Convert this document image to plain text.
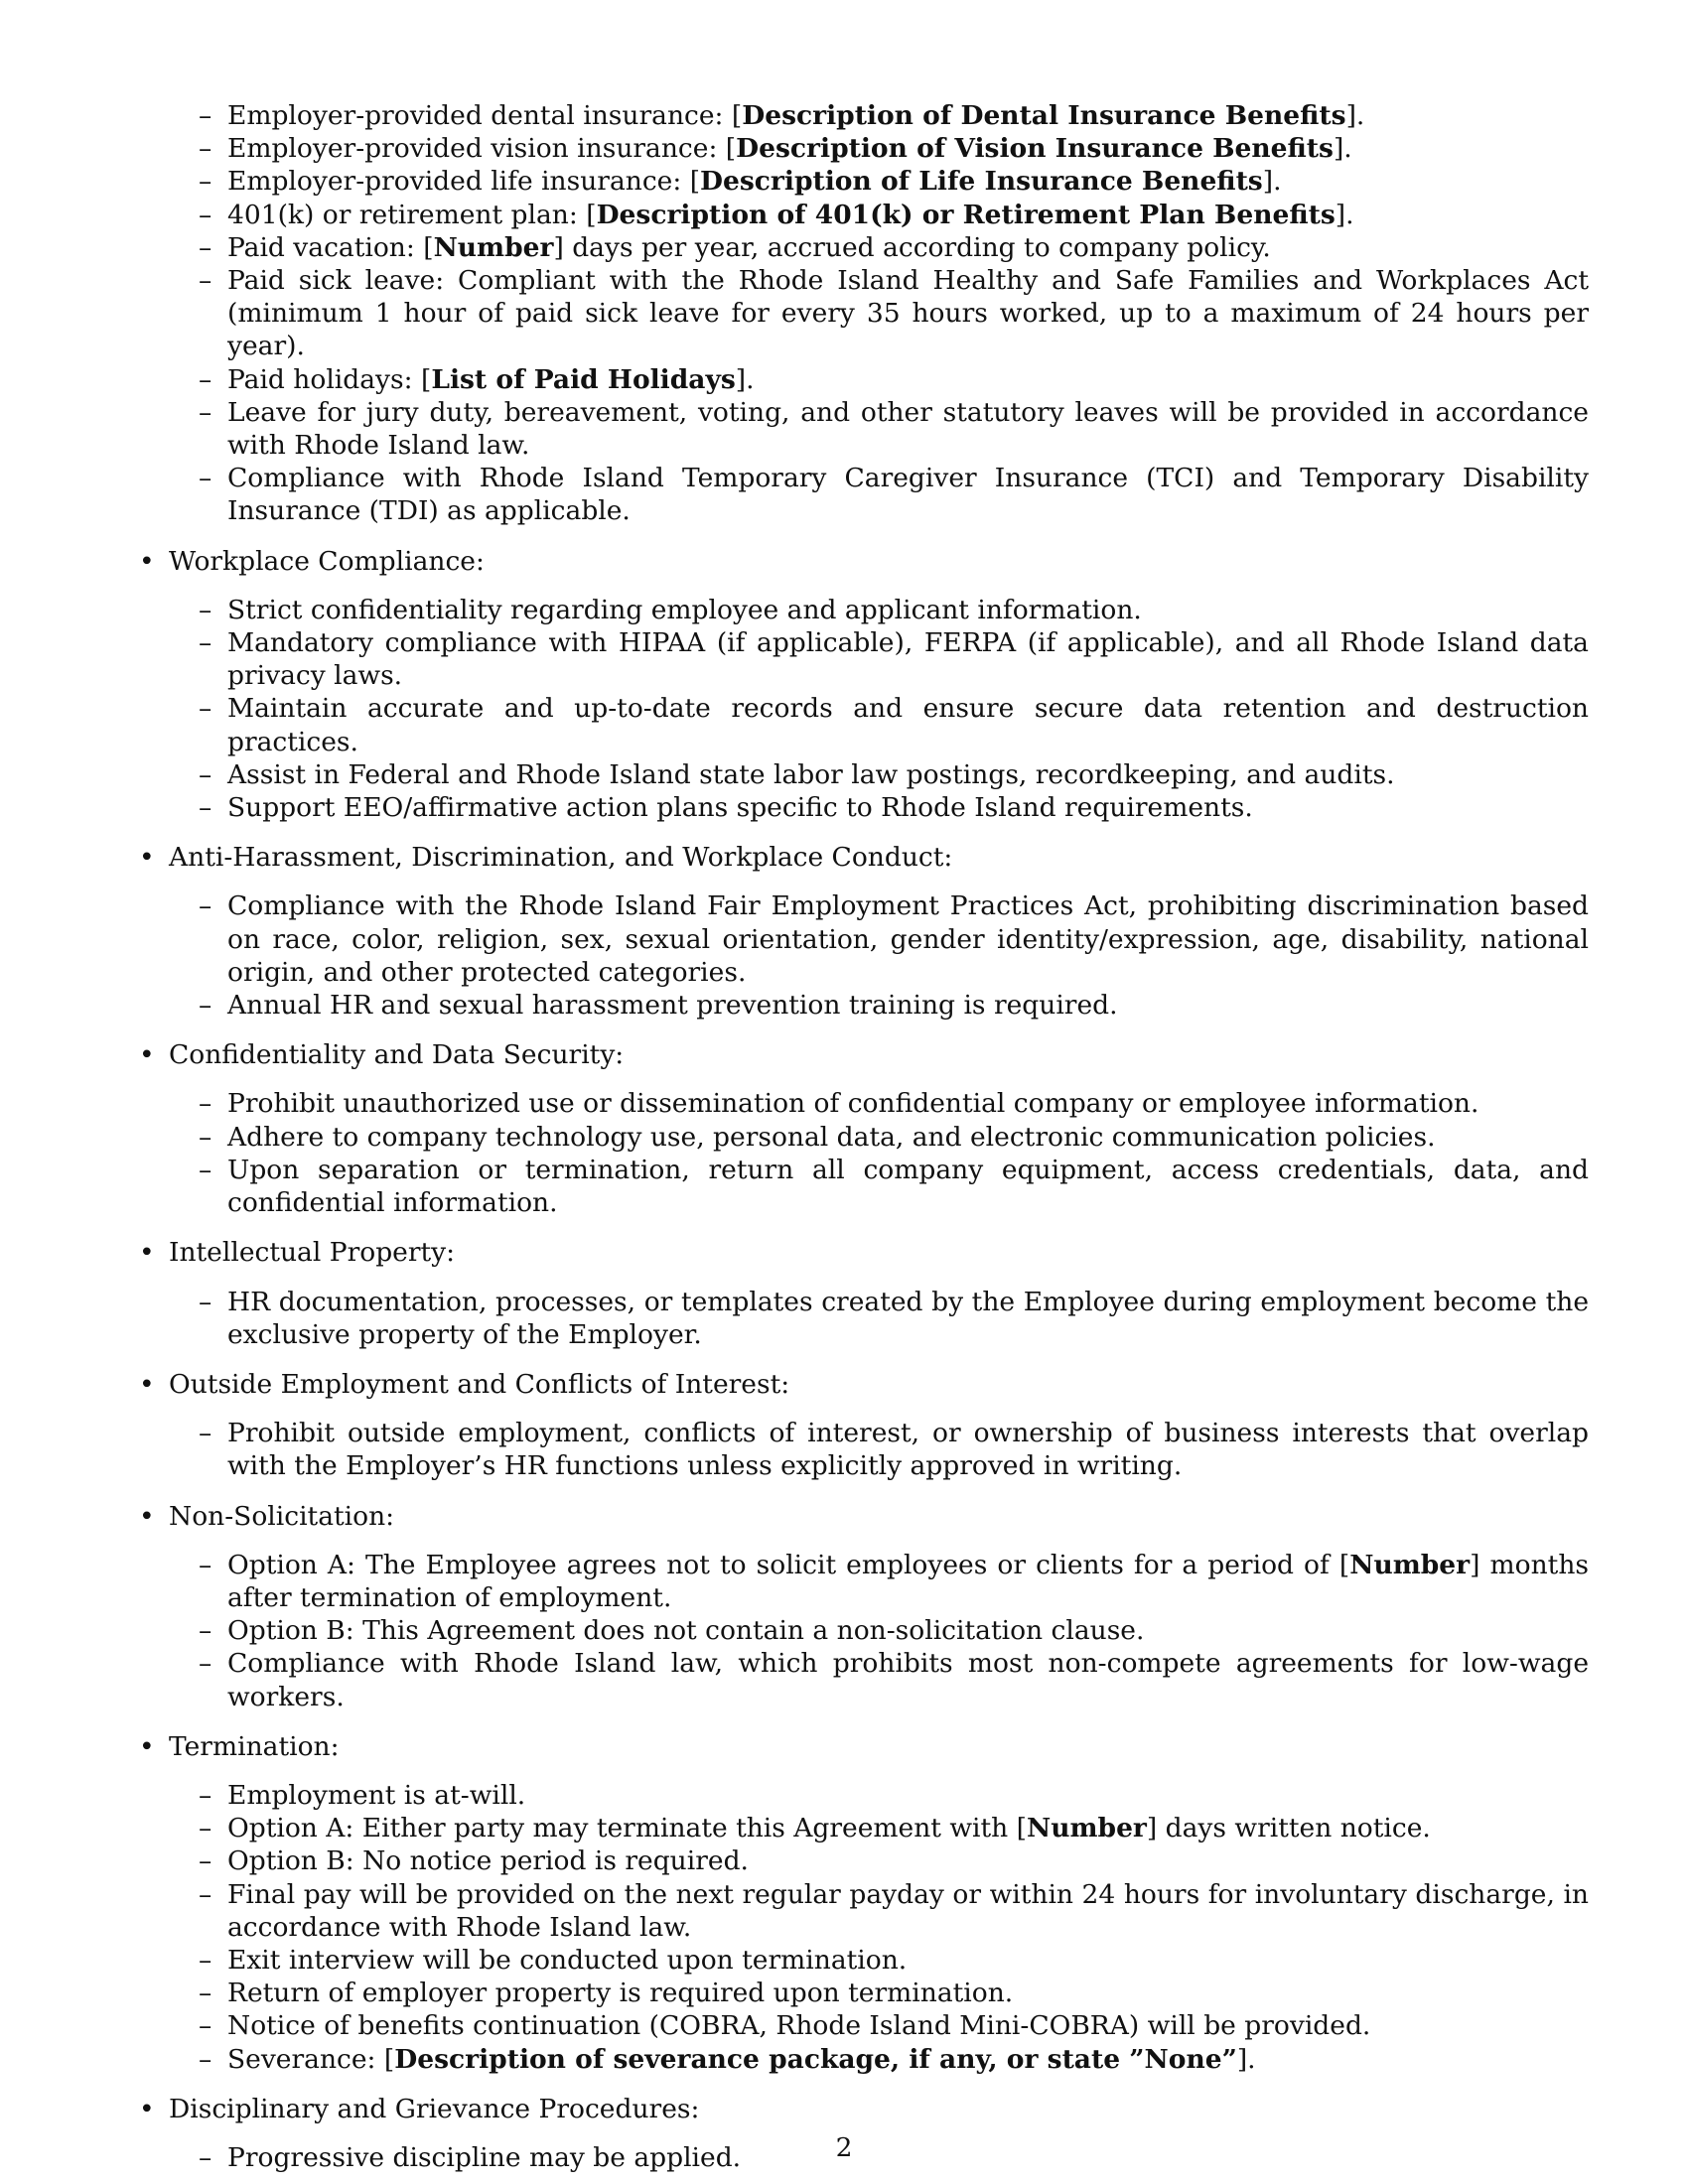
– Employer-provided dental insurance: [Description of Dental Insurance Benefits].
– Employer-provided vision insurance: [Description of Vision Insurance Benefits].
– Employer-provided life insurance: [Description of Life Insurance Benefits].
– 401(k) or retirement plan: [Description of 401(k) or Retirement Plan Benefits].
– Paid vacation: [Number] days per year, accrued according to company policy.
– Paid sick leave: Compliant with the Rhode Island Healthy and Safe Families and Workplaces Act (minimum 1 hour of paid sick leave for every 35 hours worked, up to a maximum of 24 hours per year).
– Paid holidays: [List of Paid Holidays].
– Leave for jury duty, bereavement, voting, and other statutory leaves will be provided in accordance with Rhode Island law.
– Compliance with Rhode Island Temporary Caregiver Insurance (TCI) and Temporary Disability Insurance (TDI) as applicable.
• Workplace Compliance:
– Strict confidentiality regarding employee and applicant information.
– Mandatory compliance with HIPAA (if applicable), FERPA (if applicable), and all Rhode Island data privacy laws.
– Maintain accurate and up-to-date records and ensure secure data retention and destruction practices.
– Assist in Federal and Rhode Island state labor law postings, recordkeeping, and audits.
– Support EEO/affirmative action plans specific to Rhode Island requirements.
• Anti-Harassment, Discrimination, and Workplace Conduct:
– Compliance with the Rhode Island Fair Employment Practices Act, prohibiting discrimination based on race, color, religion, sex, sexual orientation, gender identity/expression, age, disability, national origin, and other protected categories.
– Annual HR and sexual harassment prevention training is required.
• Confidentiality and Data Security:
– Prohibit unauthorized use or dissemination of confidential company or employee information.
– Adhere to company technology use, personal data, and electronic communication policies.
– Upon separation or termination, return all company equipment, access credentials, data, and confidential information.
• Intellectual Property:
– HR documentation, processes, or templates created by the Employee during employment become the exclusive property of the Employer.
• Outside Employment and Conflicts of Interest:
– Prohibit outside employment, conflicts of interest, or ownership of business interests that overlap with the Employer’s HR functions unless explicitly approved in writing.
• Non-Solicitation:
– Option A: The Employee agrees not to solicit employees or clients for a period of [Number] months after termination of employment.
– Option B: This Agreement does not contain a non-solicitation clause.
– Compliance with Rhode Island law, which prohibits most non-compete agreements for low-wage workers.
• Termination:
– Employment is at-will.
– Option A: Either party may terminate this Agreement with [Number] days written notice.
– Option B: No notice period is required.
– Final pay will be provided on the next regular payday or within 24 hours for involuntary discharge, in accordance with Rhode Island law.
– Exit interview will be conducted upon termination.
– Return of employer property is required upon termination.
– Notice of benefits continuation (COBRA, Rhode Island Mini-COBRA) will be provided.
– Severance: [Description of severance package, if any, or state ”None”].
• Disciplinary and Grievance Procedures:
– Progressive discipline may be applied.	2
